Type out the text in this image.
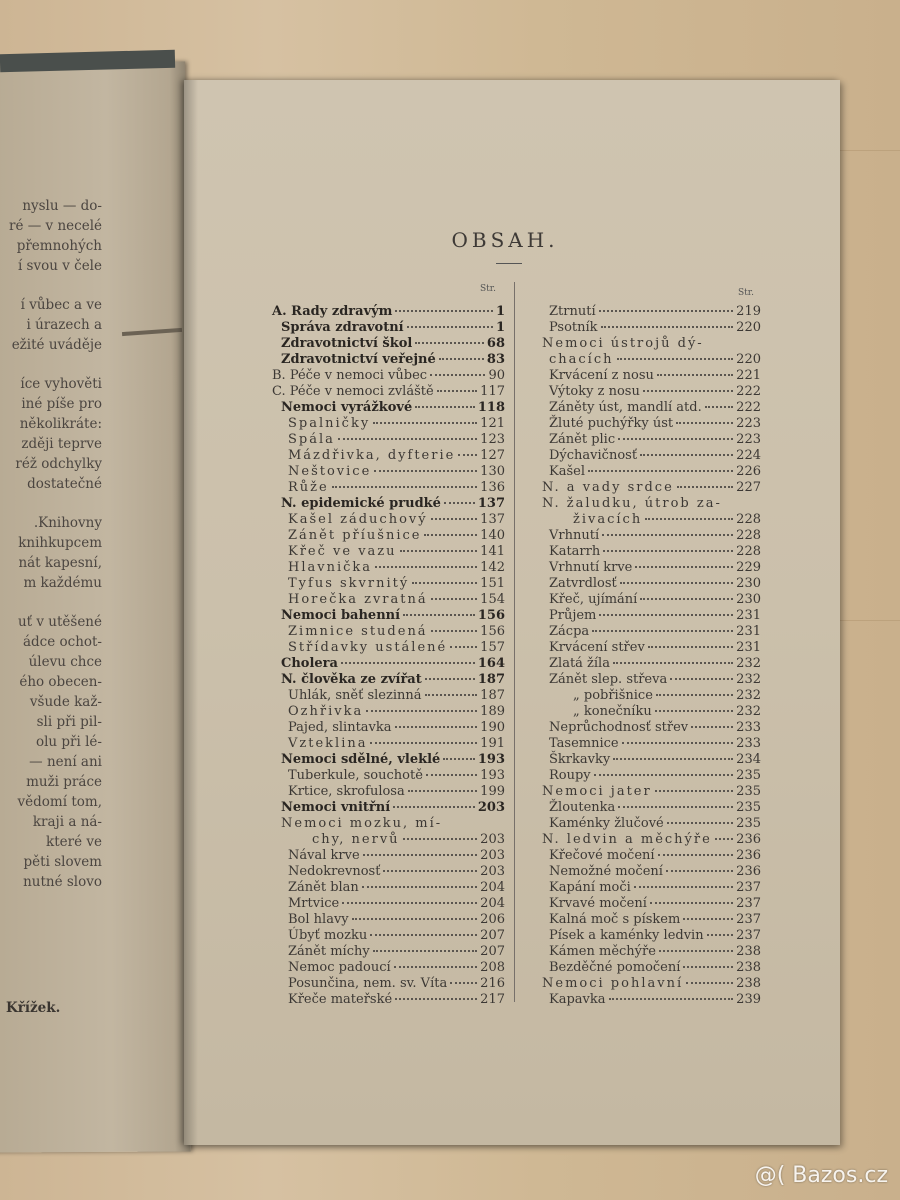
nyslu — do-
ré — v necelé
přemnohých
í svou v čele
í vůbec a ve
i úrazech a
ežité uváděje
íce vyhověti
iné píše pro
několikráte:
zději teprve
réž odchylky
dostatečné
.Knihovny
knihkupcem
nát kapesní,
m každému
uť v utěšené
ádce ochot-
úlevu chce
ého obecen-
všude kaž-
sli při pil-
olu při lé-
— není ani
muži práce
vědomí tom,
kraji a ná-
které ve
pěti slovem
nutné slovo
Křížek.
OBSAH.
Str.	Str.
A. Rady zdravým	1
Správa zdravotní	1
Zdravotnictví škol	68
Zdravotnictví veřejné	83
B. Péče v nemoci vůbec	90
C. Péče v nemoci zvláště	117
Nemoci vyrážkové	118
Spalničky	121
Spála	123
Mázdřivka, dyfterie 127
Neštovice	130
Růže	136
N. epidemické prudké	137
Kašel záduchový	137
Zánět příušnice	140
Křeč ve vazu	141
Hlavnička	142
Tyfus skvrnitý	151
Horečka zvratná	154
Nemoci bahenní	156
Zimnice studená	156
Střídavky ustálené	157
Cholera	164
N. člověka ze zvířat	187
Uhlák, sněť slezinná	187
Ozhřivka	189
Pajed, slintavka	190
Vzteklina	191
Nemoci sdělné, vleklé	193
Tuberkule, souchotě	193
Krtice, skrofulosa	199
Nemoci vnitřní	203
Nemoci mozku, mí-
chy, nervů	203
Nával krve	203
Nedokrevnosť	203
Zánět blan	204
Mrtvice	204
Bol hlavy	206
Úbyť mozku	207
Zánět míchy	207
Nemoc padoucí	208
Posunčina, nem. sv. Víta	216
Křeče mateřské	217
Ztrnutí	219
Psotník	220
Nemoci ústrojů dý-
chacích	220
Krvácení z nosu	221
Výtoky z nosu	222
Záněty úst, mandlí atd.	222
Žluté puchýřky úst	223
Zánět plic	223
Dýchavičnosť	224
Kašel	226
N. a vady srdce	227
N. žaludku, útrob za-
živacích	228
Vrhnutí	228
Katarrh	228
Vrhnutí krve	229
Zatvrdlosť	230
Křeč, ujímání	230
Průjem	231
Zácpa	231
Krvácení střev	231
Zlatá žíla	232
Zánět slep. střeva	232
„ pobřišnice	232
„ konečníku	232
Neprůchodnosť střev	233
Tasemnice	233
Škrkavky	234
Roupy	235
Nemoci jater	235
Žloutenka	235
Kaménky žlučové	235
N. ledvin a měchýře 236
Křečové močení	236
Nemožné močení	236
Kapání moči	237
Krvavé močení	237
Kalná moč s pískem	237
Písek a kaménky ledvin	237
Kámen měchýře	238
Bezděčné pomočení	238
Nemoci pohlavní	238
Kapavka	239
@( Bazos.cz
